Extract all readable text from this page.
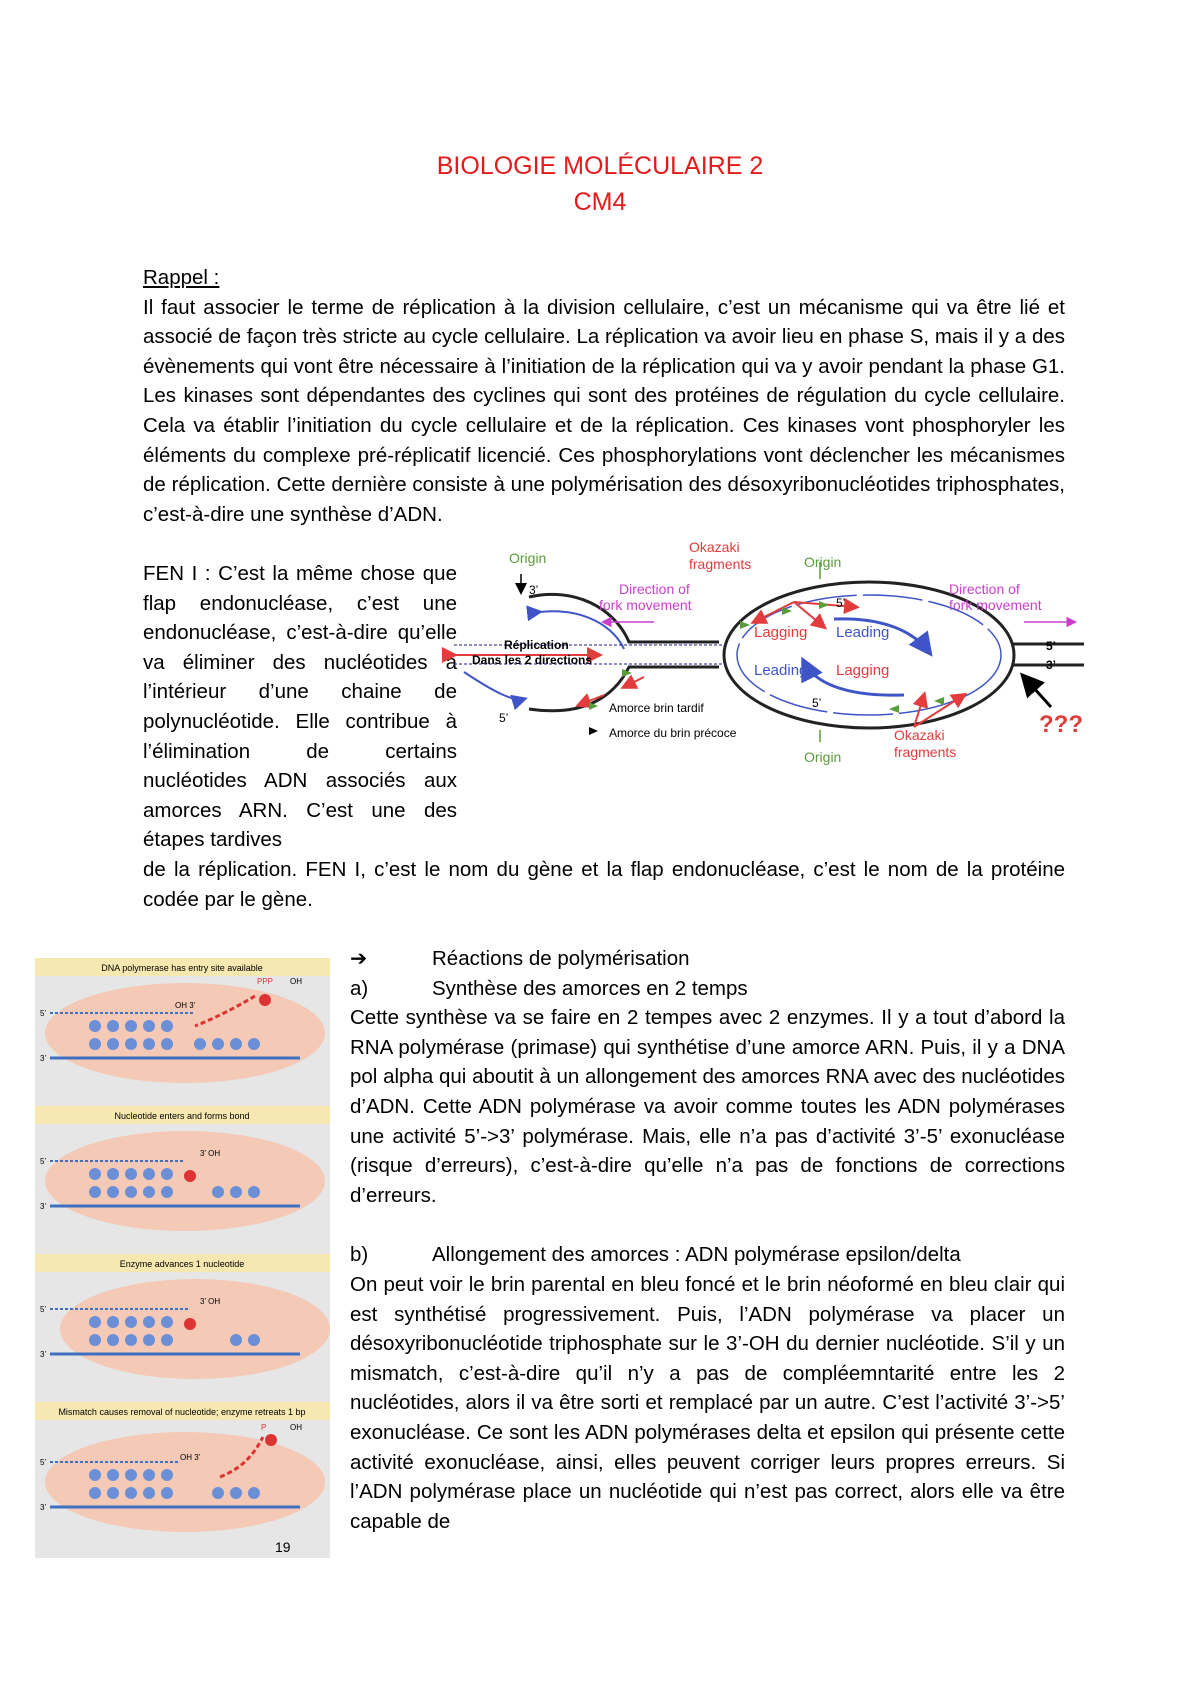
BIOLOGIE MOLÉCULAIRE 2
CM4
Rappel :
Il faut associer le terme de réplication à la division cellulaire, c’est un mécanisme qui va être lié et associé de façon très stricte au cycle cellulaire. La réplication va avoir lieu en phase S, mais il y a des évènements qui vont être nécessaire à l’initiation de la réplication qui va y avoir pendant la phase G1. Les kinases sont dépendantes des cyclines qui sont des protéines de régulation du cycle cellulaire. Cela va établir l’initiation du cycle cellulaire et de la réplication. Ces kinases vont phosphoryler les éléments du complexe pré-réplicatif licencié. Ces phosphorylations vont déclencher les mécanismes de réplication. Cette dernière consiste à une polymérisation des désoxyribonucléotides triphosphates, c’est-à-dire une synthèse d’ADN.
FEN I : C’est la même chose que flap endonucléase, c’est une endonucléase, c’est-à-dire qu’elle va éliminer des nucléotides à l’intérieur d’une chaine de polynucléotide. Elle contribue à l’élimination de certains nucléotides ADN associés aux amorces ARN. C’est une des étapes tardives
de la réplication. FEN I, c’est le nom du gène et la flap endonucléase, c’est le nom de la protéine codée par le gène.
Origin
3’
5’
Origin
Origin
Okazaki
fragments
Okazaki
fragments
Direction of
fork movement
Direction of
fork movement
Lagging Leading
Leading Lagging
5’
5’
5’
3’
Réplication
Dans les 2 directions
Amorce brin tardif
Amorce du brin précoce	???
DNA polymerase has entry site available
PPP OH
OH 3’
5’
3’
Nucleotide enters and forms bond
3’ OH
5’
3’
Enzyme advances 1 nucleotide
3’ OH
5’
3’
Mismatch causes removal of nucleotide; enzyme retreats 1 bp
P	OH
OH 3’
5’
3’
19
➔	Réactions de polymérisation
a)	Synthèse des amorces en 2 temps
Cette synthèse va se faire en 2 tempes avec 2 enzymes. Il y a tout d’abord la RNA polymérase (primase) qui synthétise d’une amorce ARN. Puis, il y a DNA pol alpha qui aboutit à un allongement des amorces RNA avec des nucléotides d’ADN. Cette ADN polymérase va avoir comme toutes les ADN polymérases une activité 5’->3’ polymérase. Mais, elle n’a pas d’activité 3’-5’ exonucléase (risque d’erreurs), c’est-à-dire qu’elle n’a pas de fonctions de corrections d’erreurs.
b)	Allongement des amorces : ADN polymérase epsilon/delta
On peut voir le brin parental en bleu foncé et le brin néoformé en bleu clair qui est synthétisé progressivement. Puis, l’ADN polymérase va placer un désoxyribonucléotide triphosphate sur le 3’-OH du dernier nucléotide. S’il y un mismatch, c’est-à-dire qu’il n’y a pas de compléemntarité entre les 2 nucléotides, alors il va être sorti et remplacé par un autre. C’est l’activité 3’->5’ exonucléase. Ce sont les ADN polymérases delta et epsilon qui présente cette activité exonucléase, ainsi, elles peuvent corriger leurs propres erreurs. Si l’ADN polymérase place un nucléotide qui n’est pas correct, alors elle va être capable de
